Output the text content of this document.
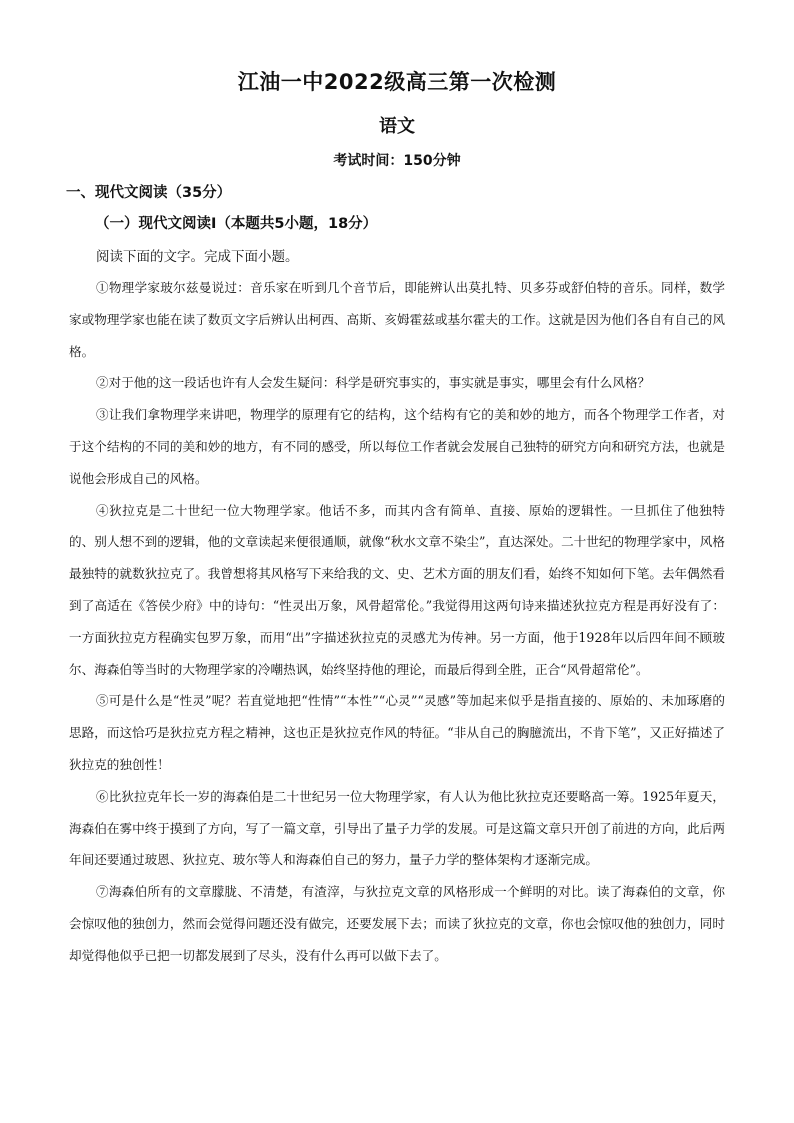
江油一中2022级高三第一次检测
语文
考试时间：150分钟
一、现代文阅读（35分）
（一）现代文阅读Ⅰ（本题共5小题，18分）
阅读下面的文字。完成下面小题。

①物理学家玻尔兹曼说过：音乐家在听到几个音节后，即能辨认出莫扎特、贝多芬或舒伯特的音乐。同样，数学家或物理学家也能在读了数页文字后辨认出柯西、高斯、亥姆霍兹或基尔霍夫的工作。这就是因为他们各自有自己的风格。

②对于他的这一段话也许有人会发生疑问：科学是研究事实的，事实就是事实，哪里会有什么风格？

③让我们拿物理学来讲吧，物理学的原理有它的结构，这个结构有它的美和妙的地方，而各个物理学工作者，对于这个结构的不同的美和妙的地方，有不同的感受，所以每位工作者就会发展自己独特的研究方向和研究方法，也就是说他会形成自己的风格。

④狄拉克是二十世纪一位大物理学家。他话不多，而其内含有简单、直接、原始的逻辑性。一旦抓住了他独特的、别人想不到的逻辑，他的文章读起来便很通顺，就像“秋水文章不染尘”，直达深处。二十世纪的物理学家中，风格最独特的就数狄拉克了。我曾想将其风格写下来给我的文、史、艺术方面的朋友们看，始终不知如何下笔。去年偶然看到了高适在《答侯少府》中的诗句：“性灵出万象，风骨超常伦。”我觉得用这两句诗来描述狄拉克方程是再好没有了：一方面狄拉克方程确实包罗万象，而用“出”字描述狄拉克的灵感尤为传神。另一方面，他于1928年以后四年间不顾玻尔、海森伯等当时的大物理学家的冷嘲热讽，始终坚持他的理论，而最后得到全胜，正合“风骨超常伦”。

⑤可是什么是“性灵”呢？若直觉地把“性情”“本性”“心灵”“灵感”等加起来似乎是指直接的、原始的、未加琢磨的思路，而这恰巧是狄拉克方程之精神，这也正是狄拉克作风的特征。“非从自己的胸臆流出，不肯下笔”，又正好描述了狄拉克的独创性！

⑥比狄拉克年长一岁的海森伯是二十世纪另一位大物理学家，有人认为他比狄拉克还要略高一筹。1925年夏天，海森伯在雾中终于摸到了方向，写了一篇文章，引导出了量子力学的发展。可是这篇文章只开创了前进的方向，此后两年间还要通过玻恩、狄拉克、玻尔等人和海森伯自己的努力，量子力学的整体架构才逐渐完成。

⑦海森伯所有的文章朦胧、不清楚，有渣滓，与狄拉克文章的风格形成一个鲜明的对比。读了海森伯的文章，你会惊叹他的独创力，然而会觉得问题还没有做完，还要发展下去；而读了狄拉克的文章，你也会惊叹他的独创力，同时却觉得他似乎已把一切都发展到了尽头，没有什么再可以做下去了。
